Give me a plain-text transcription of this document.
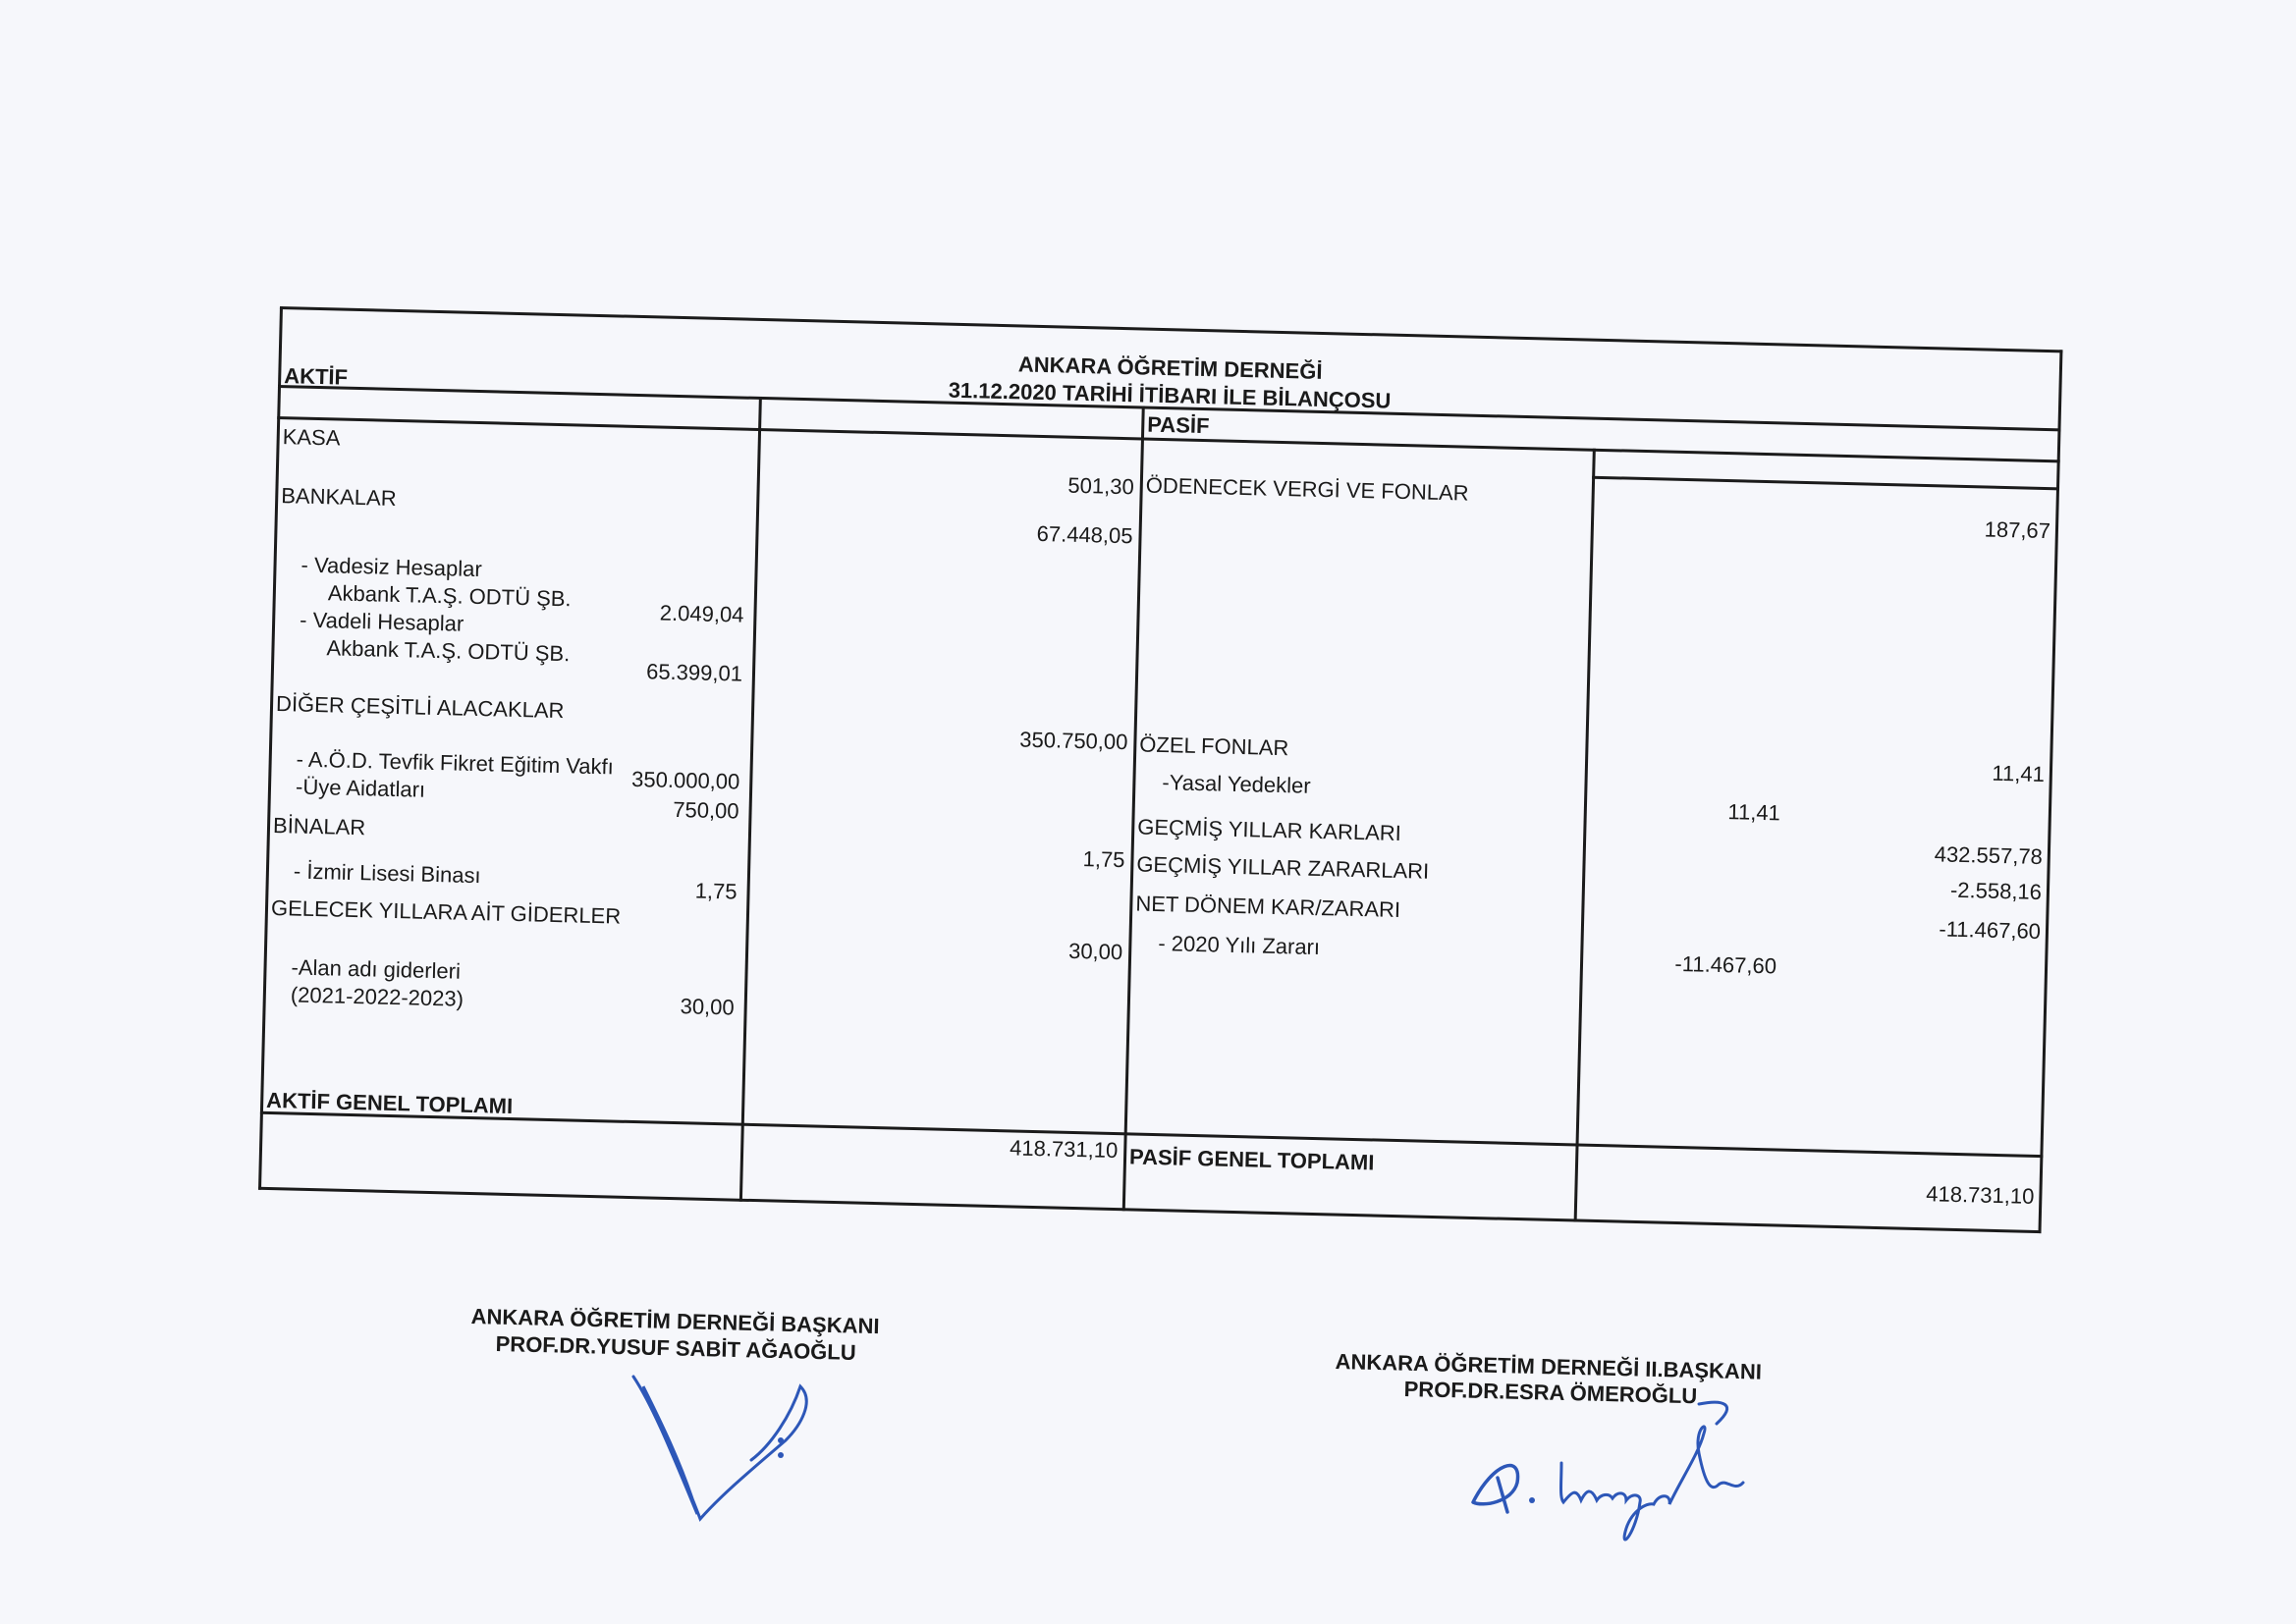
ANKARA ÖĞRETİM DERNEĞİ
31.12.2020 TARİHİ İTİBARI İLE BİLANÇOSU
AKTİF
PASİF
KASA
501,30
BANKALAR
67.448,05
- Vadesiz Hesaplar
Akbank T.A.Ş. ODTÜ ŞB.
2.049,04
- Vadeli Hesaplar
Akbank T.A.Ş. ODTÜ ŞB.
65.399,01
DİĞER ÇEŞİTLİ ALACAKLAR
350.750,00
- A.Ö.D. Tevfik Fikret Eğitim Vakfı
350.000,00
-Üye Aidatları
750,00
BİNALAR
1,75
- İzmir Lisesi Binası
1,75
GELECEK YILLARA AİT GİDERLER
30,00
-Alan adı giderleri
(2021-2022-2023)	30,00
AKTİF GENEL TOPLAMI
418.731,10
ÖDENECEK VERGİ VE FONLAR
187,67
ÖZEL FONLAR
11,41
-Yasal Yedekler
11,41
GEÇMİŞ YILLAR KARLARI
432.557,78
GEÇMİŞ YILLAR ZARARLARI
-2.558,16
NET DÖNEM KAR/ZARARI
-11.467,60
- 2020 Yılı Zararı
-11.467,60
PASİF GENEL TOPLAMI
418.731,10
ANKARA ÖĞRETİM DERNEĞİ BAŞKANI
PROF.DR.YUSUF SABİT AĞAOĞLU
ANKARA ÖĞRETİM DERNEĞİ II.BAŞKANI
PROF.DR.ESRA ÖMEROĞLU
